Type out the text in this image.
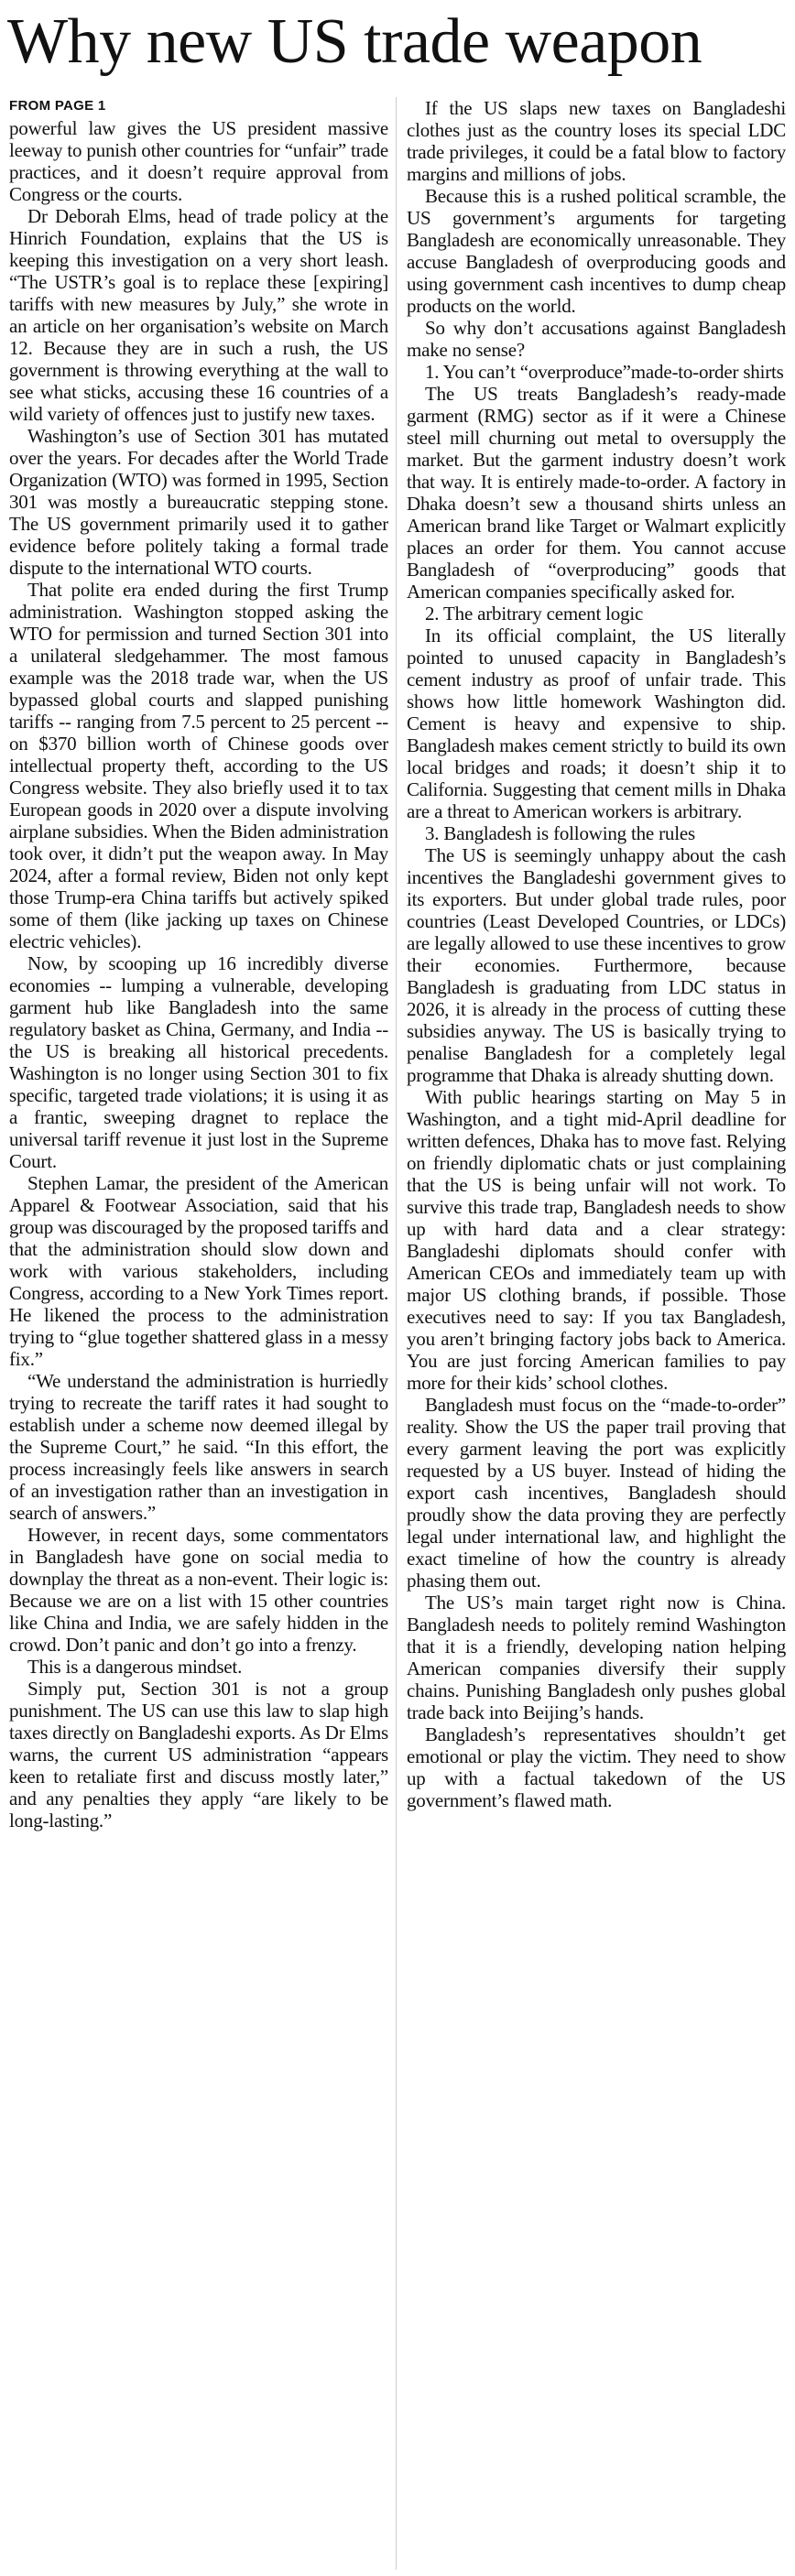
Why new US trade weapon
FROM PAGE 1

powerful law gives the US president massive leeway to punish other countries for “unfair” trade practices, and it doesn’t require approval from Congress or the courts.

Dr Deborah Elms, head of trade policy at the Hinrich Foundation, explains that the US is keeping this investigation on a very short leash. “The USTR’s goal is to replace these [expiring] tariffs with new measures by July,” she wrote in an article on her organisation’s website on March 12. Because they are in such a rush, the US government is throwing everything at the wall to see what sticks, accusing these 16 countries of a wild variety of offences just to justify new taxes.

Washington’s use of Section 301 has mutated over the years. For decades after the World Trade Organization (WTO) was formed in 1995, Section 301 was mostly a bureaucratic stepping stone. The US government primarily used it to gather evidence before politely taking a formal trade dispute to the international WTO courts.

That polite era ended during the first Trump administration. Washington stopped asking the WTO for permission and turned Section 301 into a unilateral sledgehammer. The most famous example was the 2018 trade war, when the US bypassed global courts and slapped punishing tariffs -- ranging from 7.5 percent to 25 percent -- on $370 billion worth of Chinese goods over intellectual property theft, according to the US Congress website. They also briefly used it to tax European goods in 2020 over a dispute involving airplane subsidies. When the Biden administration took over, it didn’t put the weapon away. In May 2024, after a formal review, Biden not only kept those Trump-era China tariffs but actively spiked some of them (like jacking up taxes on Chinese electric vehicles).

Now, by scooping up 16 incredibly diverse economies -- lumping a vulnerable, developing garment hub like Bangladesh into the same regulatory basket as China, Germany, and India -- the US is breaking all historical precedents. Washington is no longer using Section 301 to fix specific, targeted trade violations; it is using it as a frantic, sweeping dragnet to replace the universal tariff revenue it just lost in the Supreme Court.

Stephen Lamar, the president of the American Apparel & Footwear Association, said that his group was discouraged by the proposed tariffs and that the administration should slow down and work with various stakeholders, including Congress, according to a New York Times report. He likened the process to the administration trying to “glue together shattered glass in a messy fix.”

“We understand the administration is hurriedly trying to recreate the tariff rates it had sought to establish under a scheme now deemed illegal by the Supreme Court,” he said. “In this effort, the process increasingly feels like answers in search of an investigation rather than an investigation in search of answers.”

However, in recent days, some commentators in Bangladesh have gone on social media to downplay the threat as a non-event. Their logic is: Because we are on a list with 15 other countries like China and India, we are safely hidden in the crowd. Don’t panic and don’t go into a frenzy.

This is a dangerous mindset.

Simply put, Section 301 is not a group punishment. The US can use this law to slap high taxes directly on Bangladeshi exports. As Dr Elms warns, the current US administration “appears keen to retaliate first and discuss mostly later,” and any penalties they apply “are likely to be long-lasting.”

If the US slaps new taxes on Bangladeshi clothes just as the country loses its special LDC trade privileges, it could be a fatal blow to factory margins and millions of jobs.

Because this is a rushed political scramble, the US government’s arguments for targeting Bangladesh are economically unreasonable. They accuse Bangladesh of overproducing goods and using government cash incentives to dump cheap products on the world.

So why don’t accusations against Bangladesh make no sense?

1. You can’t “overproduce”made-to-order shirts

The US treats Bangladesh’s ready-made garment (RMG) sector as if it were a Chinese steel mill churning out metal to oversupply the market. But the garment industry doesn’t work that way. It is entirely made-to-order. A factory in Dhaka doesn’t sew a thousand shirts unless an American brand like Target or Walmart explicitly places an order for them. You cannot accuse Bangladesh of “overproducing” goods that American companies specifically asked for.

2. The arbitrary cement logic

In its official complaint, the US literally pointed to unused capacity in Bangladesh’s cement industry as proof of unfair trade. This shows how little homework Washington did. Cement is heavy and expensive to ship. Bangladesh makes cement strictly to build its own local bridges and roads; it doesn’t ship it to California. Suggesting that cement mills in Dhaka are a threat to American workers is arbitrary.

3. Bangladesh is following the rules

The US is seemingly unhappy about the cash incentives the Bangladeshi government gives to its exporters. But under global trade rules, poor countries (Least Developed Countries, or LDCs) are legally allowed to use these incentives to grow their economies. Furthermore, because Bangladesh is graduating from LDC status in 2026, it is already in the process of cutting these subsidies anyway. The US is basically trying to penalise Bangladesh for a completely legal programme that Dhaka is already shutting down.

With public hearings starting on May 5 in Washington, and a tight mid-April deadline for written defences, Dhaka has to move fast. Relying on friendly diplomatic chats or just complaining that the US is being unfair will not work. To survive this trade trap, Bangladesh needs to show up with hard data and a clear strategy: Bangladeshi diplomats should confer with American CEOs and immediately team up with major US clothing brands, if possible. Those executives need to say: If you tax Bangladesh, you aren’t bringing factory jobs back to America. You are just forcing American families to pay more for their kids’ school clothes.

Bangladesh must focus on the “made-to-order” reality. Show the US the paper trail proving that every garment leaving the port was explicitly requested by a US buyer. Instead of hiding the export cash incentives, Bangladesh should proudly show the data proving they are perfectly legal under international law, and highlight the exact timeline of how the country is already phasing them out.

The US’s main target right now is China. Bangladesh needs to politely remind Washington that it is a friendly, developing nation helping American companies diversify their supply chains. Punishing Bangladesh only pushes global trade back into Beijing’s hands.

Bangladesh’s representatives shouldn’t get emotional or play the victim. They need to show up with a factual takedown of the US government’s flawed math.
